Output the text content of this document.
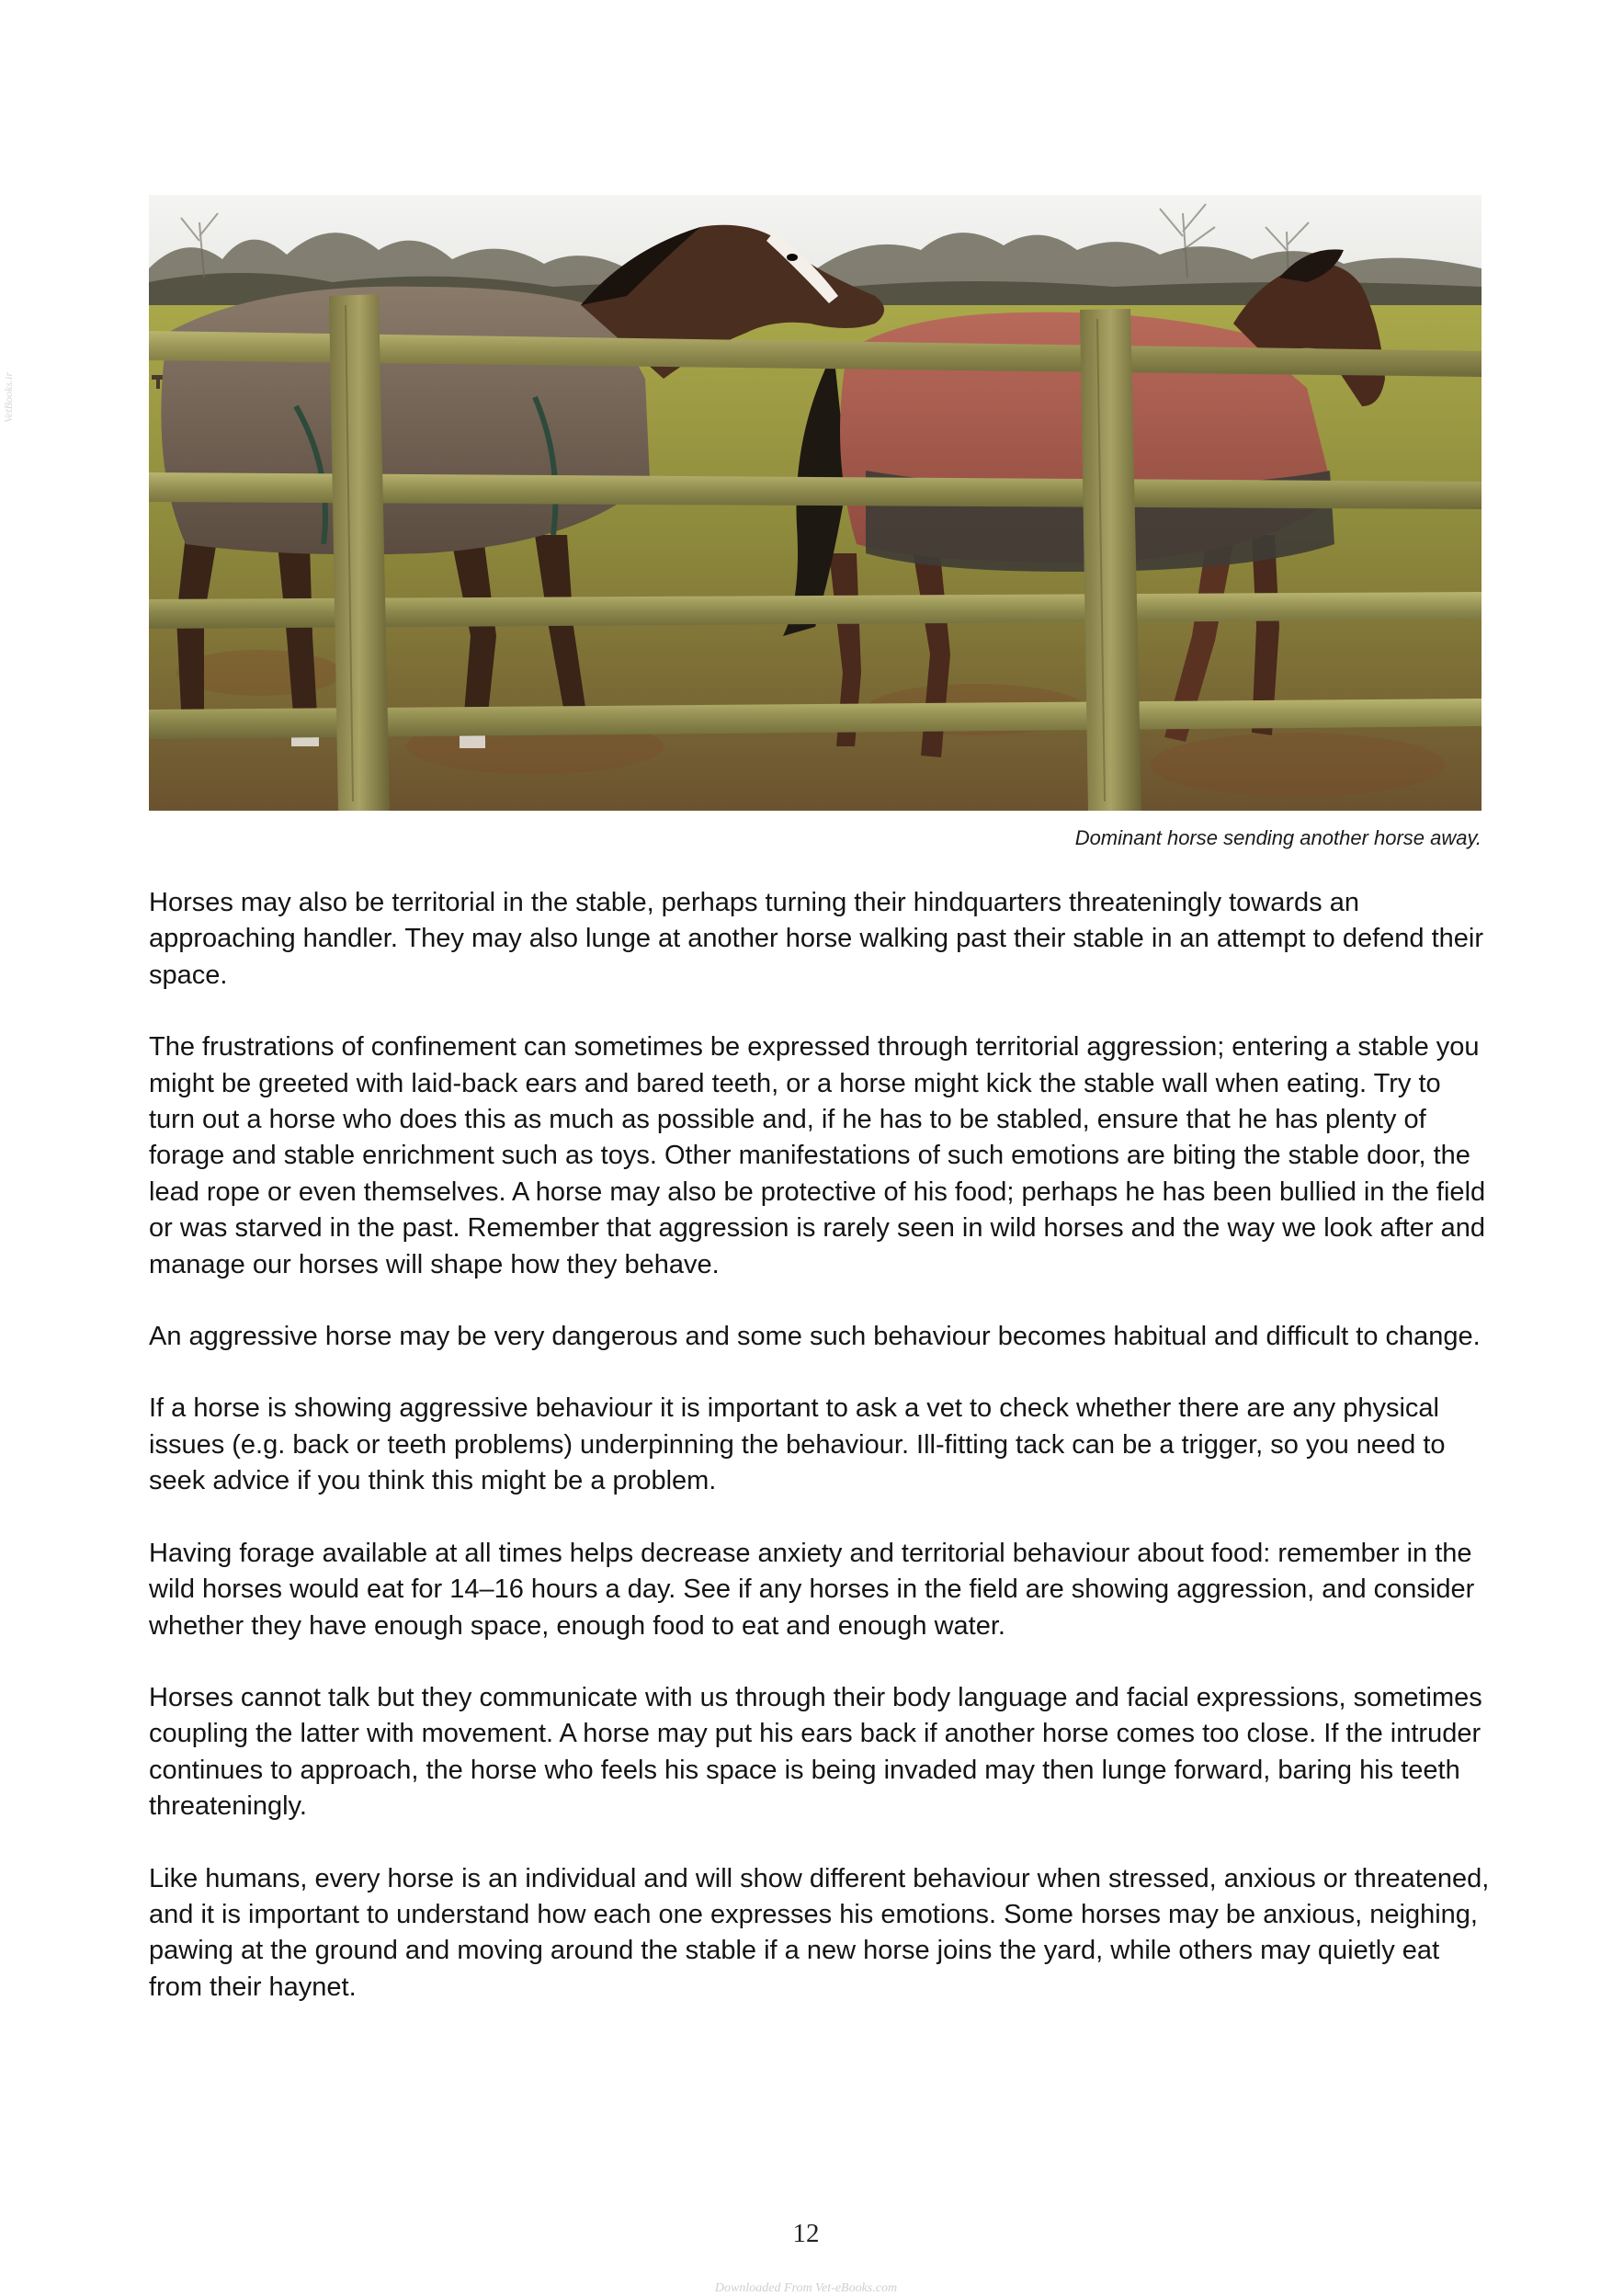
VetBooks.ir
Dominant horse sending another horse away.

Horses may also be territorial in the stable, perhaps turning their hindquarters threateningly towards an approaching handler. They may also lunge at another horse walking past their stable in an attempt to defend their space.

The frustrations of confinement can sometimes be expressed through territorial aggression; entering a stable you might be greeted with laid-back ears and bared teeth, or a horse might kick the stable wall when eating. Try to turn out a horse who does this as much as possible and, if he has to be stabled, ensure that he has plenty of forage and stable enrichment such as toys. Other manifestations of such emotions are biting the stable door, the lead rope or even themselves. A horse may also be protective of his food; perhaps he has been bullied in the field or was starved in the past. Remember that aggression is rarely seen in wild horses and the way we look after and manage our horses will shape how they behave.

An aggressive horse may be very dangerous and some such behaviour becomes habitual and difficult to change.

If a horse is showing aggressive behaviour it is important to ask a vet to check whether there are any physical issues (e.g. back or teeth problems) underpinning the behaviour. Ill-fitting tack can be a trigger, so you need to seek advice if you think this might be a problem.

Having forage available at all times helps decrease anxiety and territorial behaviour about food: remember in the wild horses would eat for 14–16 hours a day. See if any horses in the field are showing aggression, and consider whether they have enough space, enough food to eat and enough water.

Horses cannot talk but they communicate with us through their body language and facial expressions, sometimes coupling the latter with movement. A horse may put his ears back if another horse comes too close. If the intruder continues to approach, the horse who feels his space is being invaded may then lunge forward, baring his teeth threateningly.

Like humans, every horse is an individual and will show different behaviour when stressed, anxious or threatened, and it is important to understand how each one expresses his emotions. Some horses may be anxious, neighing, pawing at the ground and moving around the stable if a new horse joins the yard, while others may quietly eat from their haynet.

12
Downloaded From Vet-eBooks.com
